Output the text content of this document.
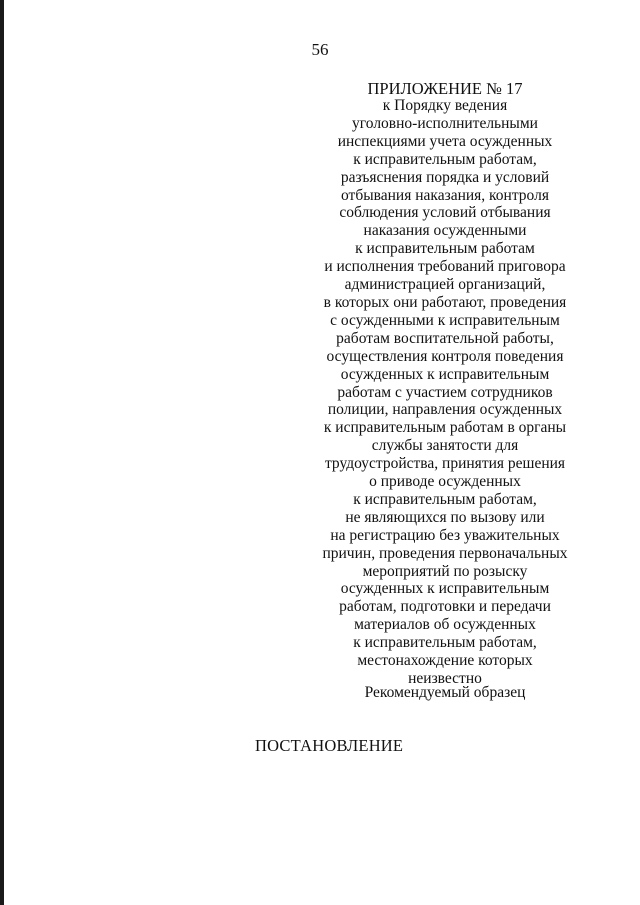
56
ПРИЛОЖЕНИЕ № 17
к Порядку ведения
уголовно-исполнительными
инспекциями учета осужденных
к исправительным работам,
разъяснения порядка и условий
отбывания наказания, контроля
соблюдения условий отбывания
наказания осужденными
к исправительным работам
и исполнения требований приговора
администрацией организаций,
в которых они работают, проведения
с осужденными к исправительным
работам воспитательной работы,
осуществления контроля поведения
осужденных к исправительным
работам с участием сотрудников
полиции, направления осужденных
к исправительным работам в органы
службы занятости для
трудоустройства, принятия решения
о приводе осужденных
к исправительным работам,
не являющихся по вызову или
на регистрацию без уважительных
причин, проведения первоначальных
мероприятий по розыску
осужденных к исправительным
работам, подготовки и передачи
материалов об осужденных
к исправительным работам,
местонахождение которых
неизвестно
Рекомендуемый образец
ПОСТАНОВЛЕНИЕ
